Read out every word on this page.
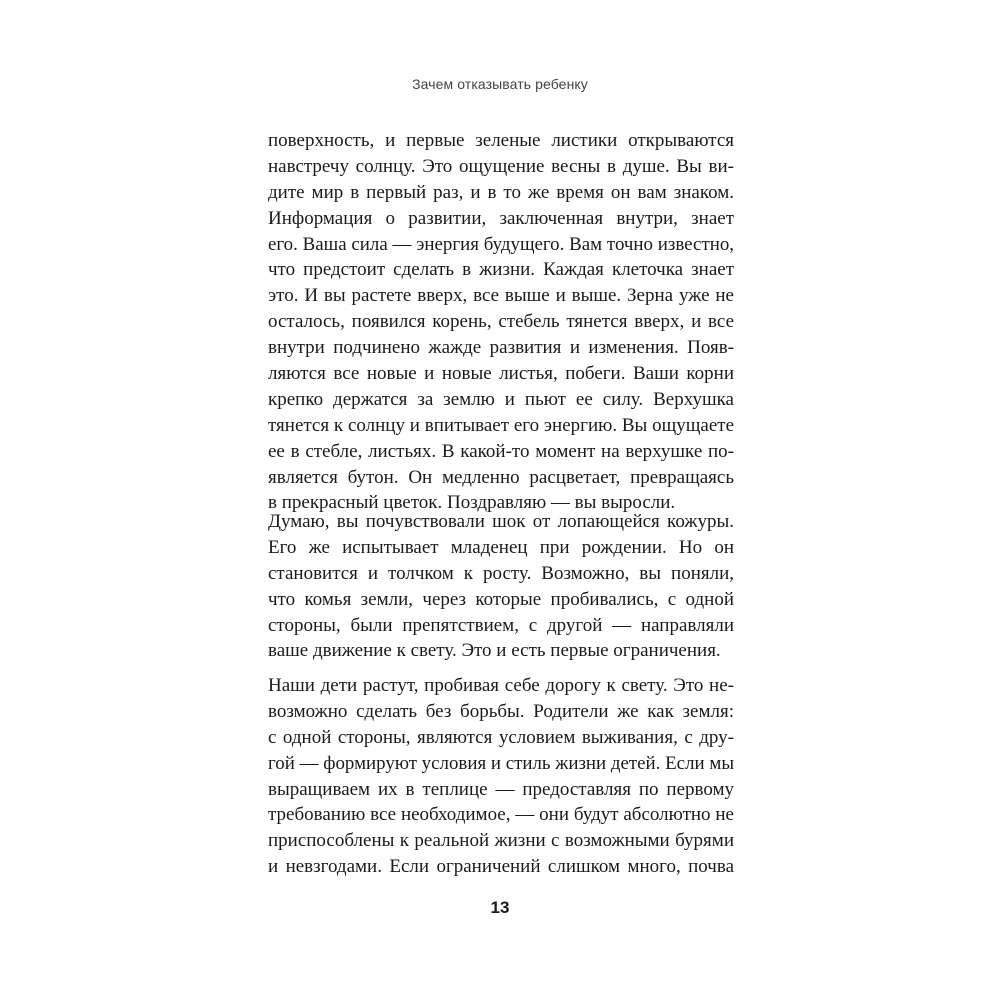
Зачем отказывать ребенку
поверхность, и первые зеленые листики открываются
навстречу солнцу. Это ощущение весны в душе. Вы ви-
дите мир в первый раз, и в то же время он вам знаком.
Информация о развитии, заключенная внутри, знает
его. Ваша сила — энергия будущего. Вам точно известно,
что предстоит сделать в жизни. Каждая клеточка знает
это. И вы растете вверх, все выше и выше. Зерна уже не
осталось, появился корень, стебель тянется вверх, и все
внутри подчинено жажде развития и изменения. Появ-
ляются все новые и новые листья, побеги. Ваши корни
крепко держатся за землю и пьют ее силу. Верхушка
тянется к солнцу и впитывает его энергию. Вы ощущаете
ее в стебле, листьях. В какой-то момент на верхушке по-
является бутон. Он медленно расцветает, превращаясь
в прекрасный цветок. Поздравляю — вы выросли.
Думаю, вы почувствовали шок от лопающейся кожуры.
Его же испытывает младенец при рождении. Но он
становится и толчком к росту. Возможно, вы поняли,
что комья земли, через которые пробивались, с одной
стороны, были препятствием, с другой — направляли
ваше движение к свету. Это и есть первые ограничения.
Наши дети растут, пробивая себе дорогу к свету. Это не-
возможно сделать без борьбы. Родители же как земля:
с одной стороны, являются условием выживания, с дру-
гой — формируют условия и стиль жизни детей. Если мы
выращиваем их в теплице — предоставляя по первому
требованию все необходимое, — они будут абсолютно не
приспособлены к реальной жизни с возможными бурями
и невзгодами. Если ограничений слишком много, почва
13
